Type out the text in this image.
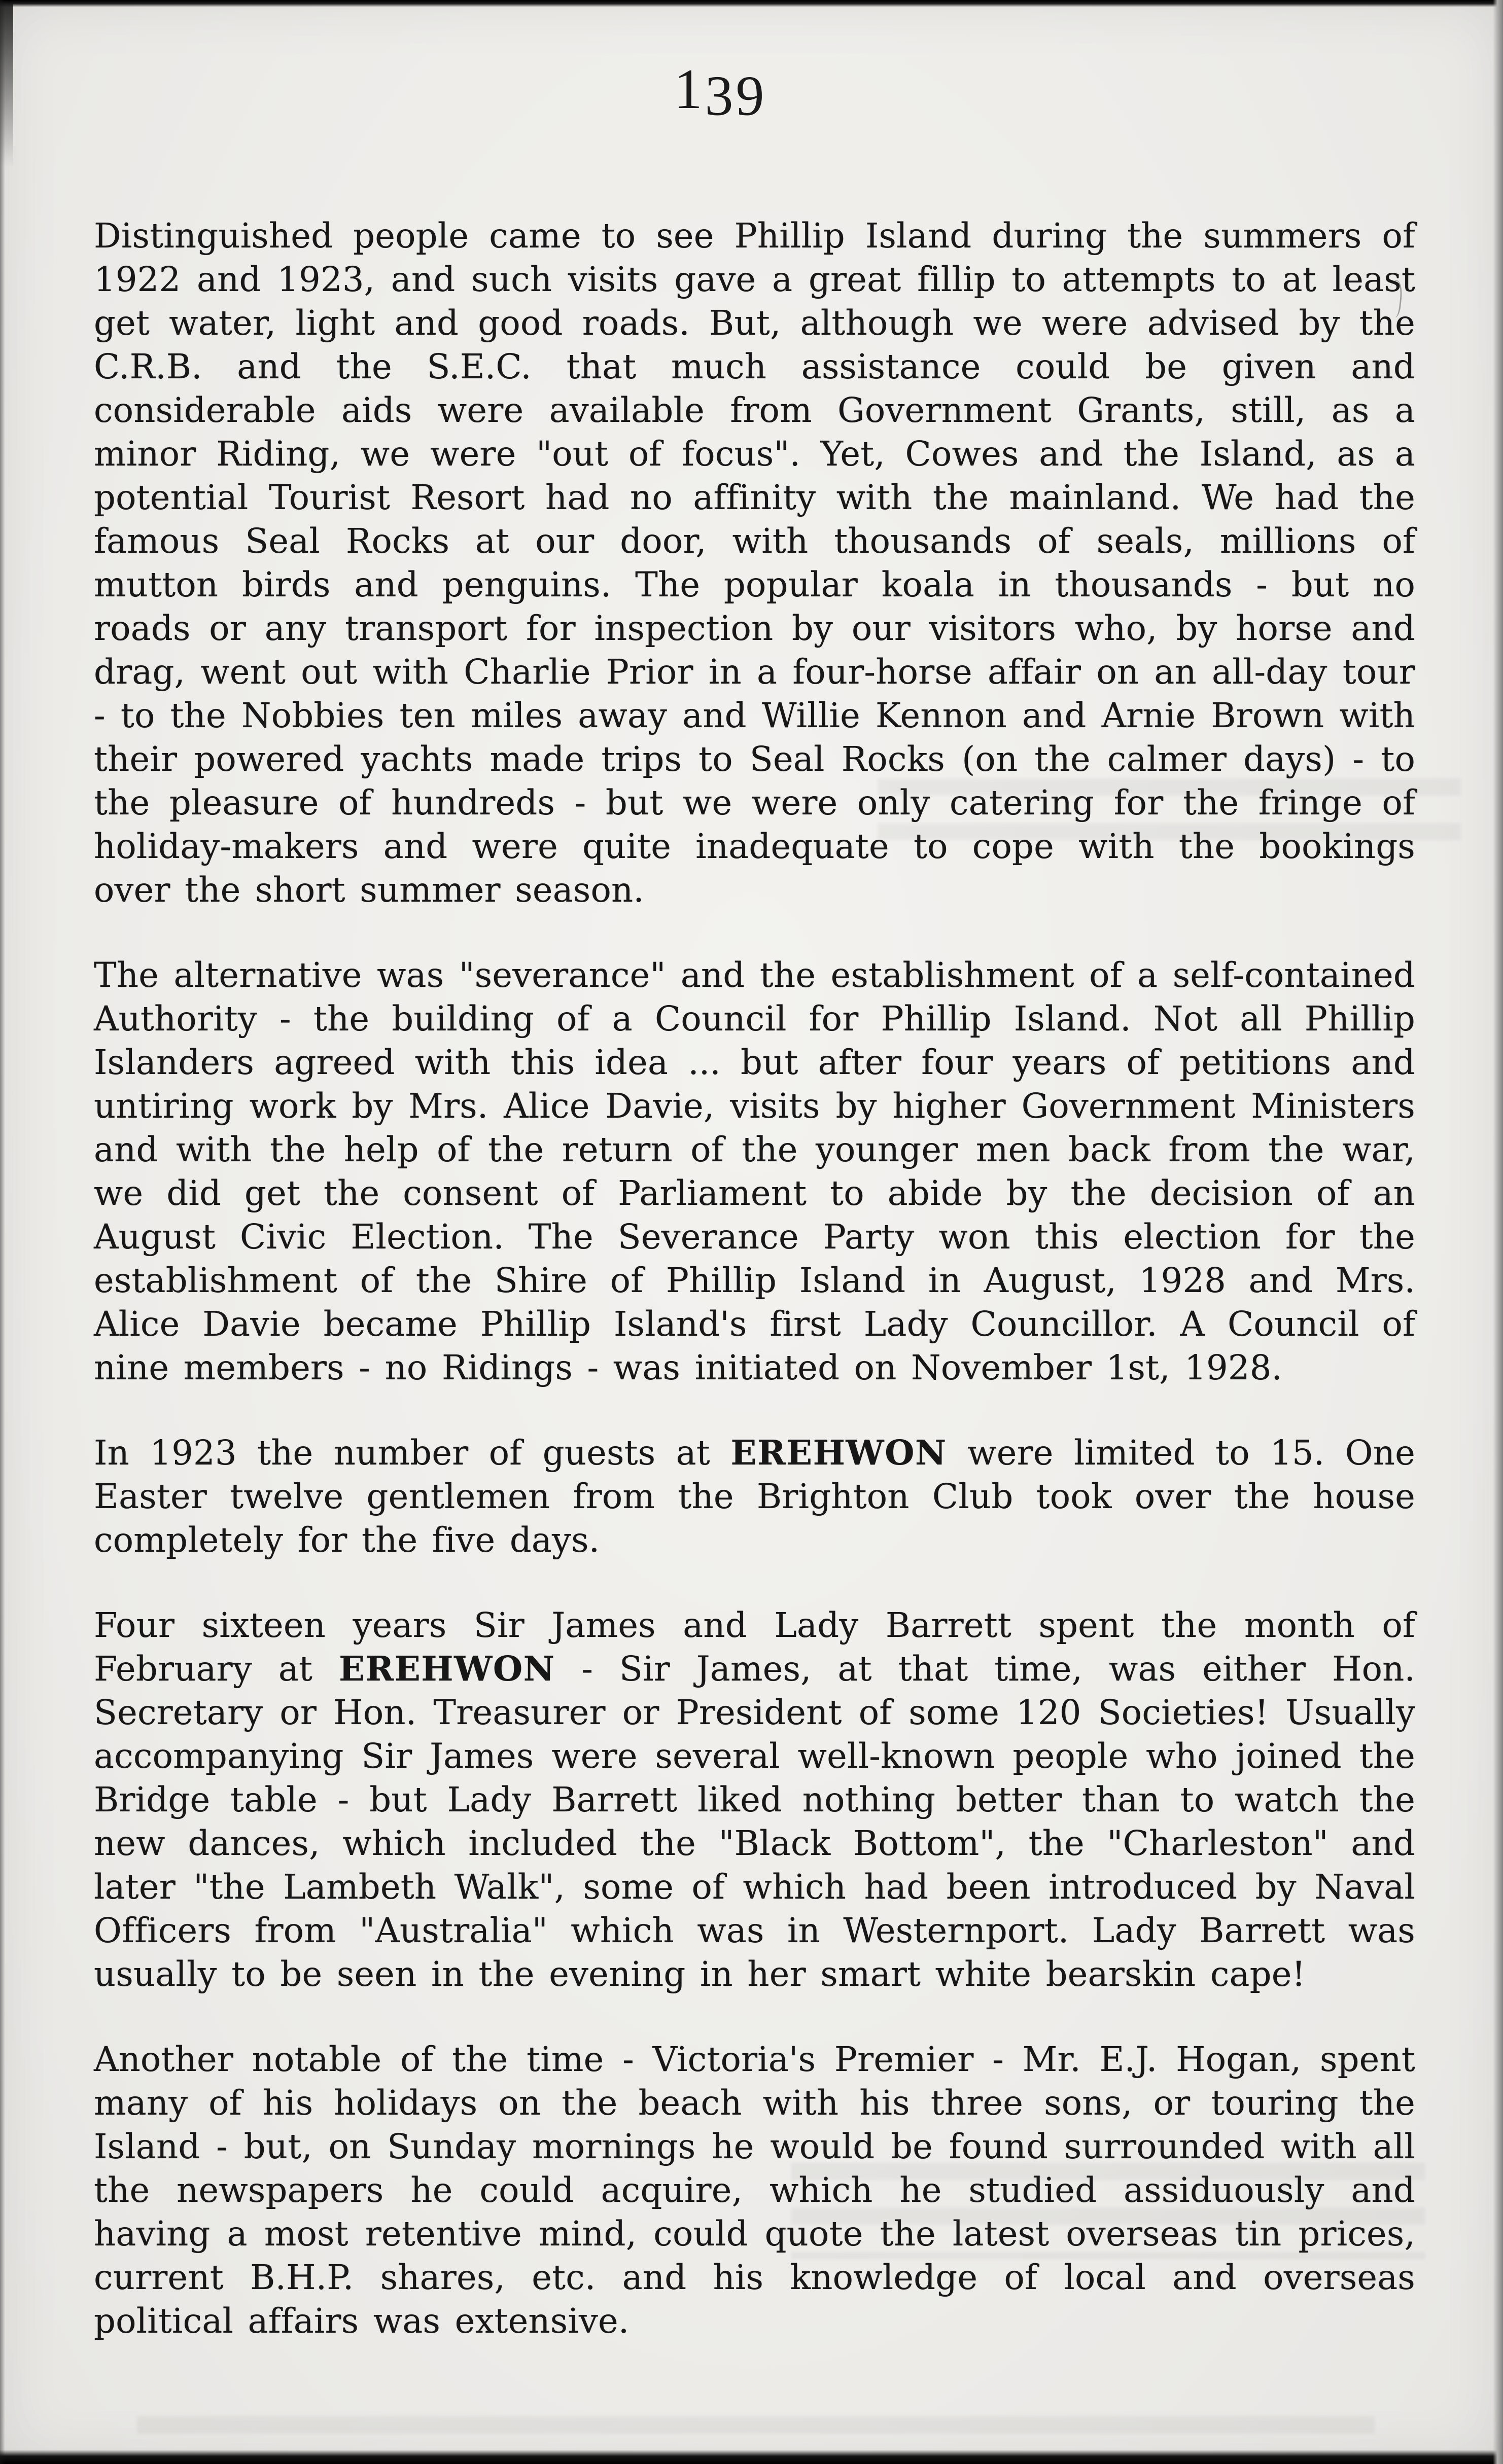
139

Distinguished people came to see Phillip Island during the summers of 1922 and 1923, and such visits gave a great fillip to attempts to at least get water, light and good roads. But, although we were advised by the C.R.B. and the S.E.C. that much assistance could be given and considerable aids were available from Government Grants, still, as a minor Riding, we were "out of focus". Yet, Cowes and the Island, as a potential Tourist Resort had no affinity with the mainland. We had the famous Seal Rocks at our door, with thousands of seals, millions of mutton birds and penguins. The popular koala in thousands - but no roads or any transport for inspection by our visitors who, by horse and drag, went out with Charlie Prior in a four-horse affair on an all-day tour - to the Nobbies ten miles away and Willie Kennon and Arnie Brown with their powered yachts made trips to Seal Rocks (on the calmer days) - to the pleasure of hundreds - but we were only catering for the fringe of holiday-makers and were quite inadequate to cope with the bookings over the short summer season.

The alternative was "severance" and the establishment of a self-contained Authority - the building of a Council for Phillip Island. Not all Phillip Islanders agreed with this idea ... but after four years of petitions and untiring work by Mrs. Alice Davie, visits by higher Government Ministers and with the help of the return of the younger men back from the war, we did get the consent of Parliament to abide by the decision of an August Civic Election. The Severance Party won this election for the establishment of the Shire of Phillip Island in August, 1928 and Mrs. Alice Davie became Phillip Island's first Lady Councillor. A Council of nine members - no Ridings - was initiated on November 1st, 1928.

In 1923 the number of guests at EREHWON were limited to 15. One Easter twelve gentlemen from the Brighton Club took over the house completely for the five days.

Four sixteen years Sir James and Lady Barrett spent the month of February at EREHWON - Sir James, at that time, was either Hon. Secretary or Hon. Treasurer or President of some 120 Societies! Usually accompanying Sir James were several well-known people who joined the Bridge table - but Lady Barrett liked nothing better than to watch the new dances, which included the "Black Bottom", the "Charleston" and later "the Lambeth Walk", some of which had been introduced by Naval Officers from "Australia" which was in Westernport. Lady Barrett was usually to be seen in the evening in her smart white bearskin cape!

Another notable of the time - Victoria's Premier - Mr. E.J. Hogan, spent many of his holidays on the beach with his three sons, or touring the Island - but, on Sunday mornings he would be found surrounded with all the newspapers he could acquire, which he studied assiduously and having a most retentive mind, could quote the latest overseas tin prices, current B.H.P. shares, etc. and his knowledge of local and overseas political affairs was extensive.
